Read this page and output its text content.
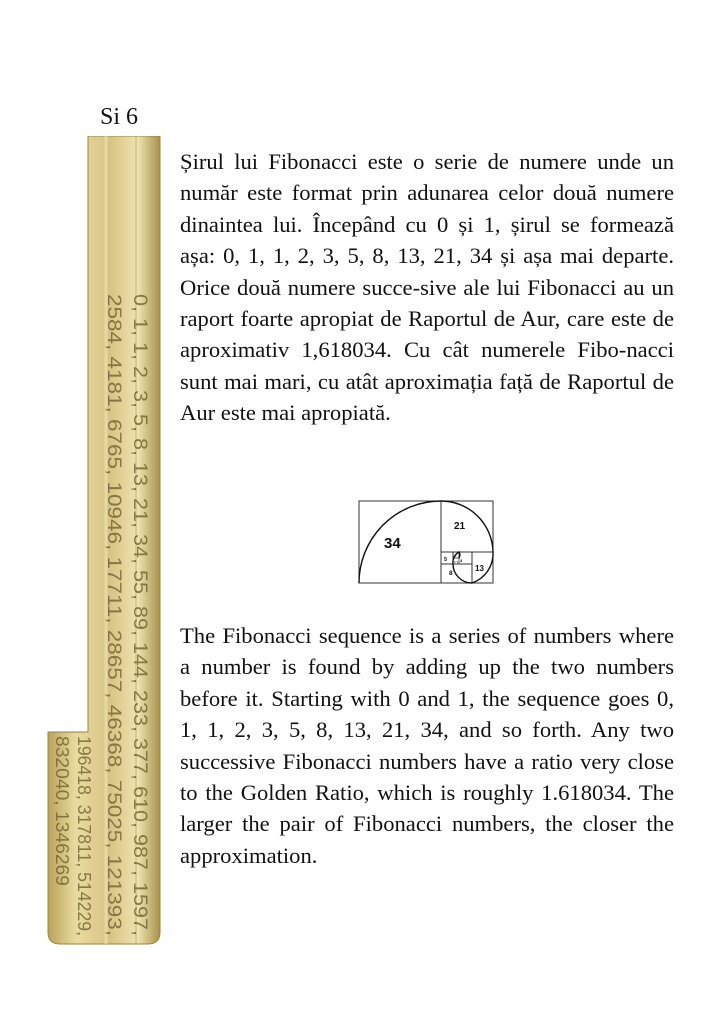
Si 6
0, 1, 1, 2, 3, 5, 8, 13, 21, 34, 55, 89, 144, 233, 377, 610, 987, 1597,
2584, 4181, 6765, 10946, 17711, 28657, 46368, 75025, 121393,
196418, 317811, 514229,
832040, 1346269

Șirul lui Fibonacci este o serie de numere unde un număr este format prin adunarea celor două numere dinaintea lui. Începând cu 0 și 1, șirul se formează așa: 0, 1, 1, 2, 3, 5, 8, 13, 21, 34 și așa mai departe. Orice două numere succe-sive ale lui Fibonacci au un raport foarte apropiat de Raportul de Aur, care este de aproximativ 1,618034. Cu cât numerele Fibo-nacci sunt mai mari, cu atât aproximația față de Raportul de Aur este mai apropiată.

34
21
13
8
5	3
2
1 1

The Fibonacci sequence is a series of numbers where a number is found by adding up the two numbers before it. Starting with 0 and 1, the sequence goes 0, 1, 1, 2, 3, 5, 8, 13, 21, 34, and so forth. Any two successive Fibonacci numbers have a ratio very close to the Golden Ratio, which is roughly 1.618034. The larger the pair of Fibonacci numbers, the closer the approximation.
